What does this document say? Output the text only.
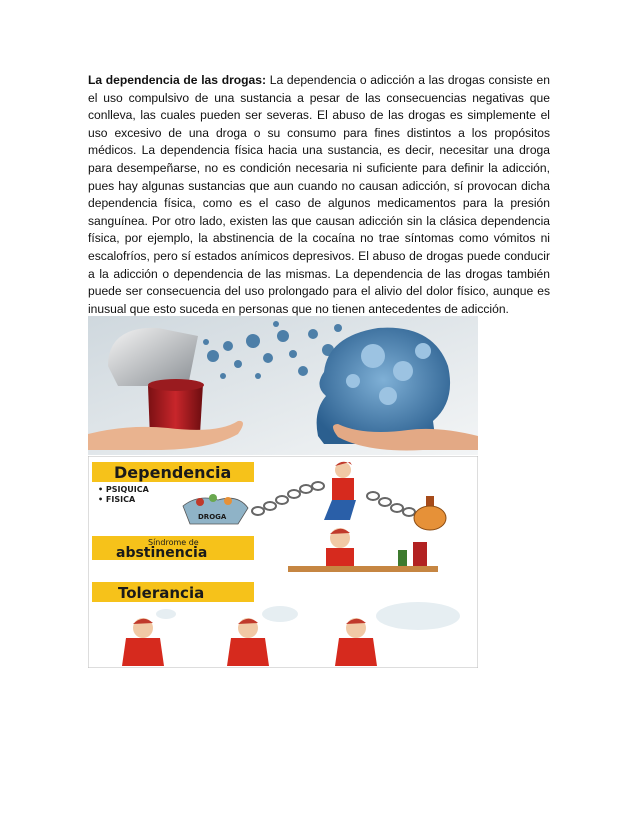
La dependencia de las drogas: La dependencia o adicción a las drogas consiste en el uso compulsivo de una sustancia a pesar de las consecuencias negativas que conlleva, las cuales pueden ser severas. El abuso de las drogas es simplemente el uso excesivo de una droga o su consumo para fines distintos a los propósitos médicos. La dependencia física hacia una sustancia, es decir, necesitar una droga para desempeñarse, no es condición necesaria ni suficiente para definir la adicción, pues hay algunas sustancias que aun cuando no causan adicción, sí provocan dicha dependencia física, como es el caso de algunos medicamentos para la presión sanguínea. Por otro lado, existen las que causan adicción sin la clásica dependencia física, por ejemplo, la abstinencia de la cocaína no trae síntomas como vómitos ni escalofríos, pero sí estados anímicos depresivos. El abuso de drogas puede conducir a la adicción o dependencia de las mismas. La dependencia de las drogas también puede ser consecuencia del uso prolongado para el alivio del dolor físico, aunque es inusual que esto suceda en personas que no tienen antecedentes de adicción.
Dependencia
• PSIQUICA
• FISICA
DROGA
Síndrome de
abstinencia
Tolerancia
